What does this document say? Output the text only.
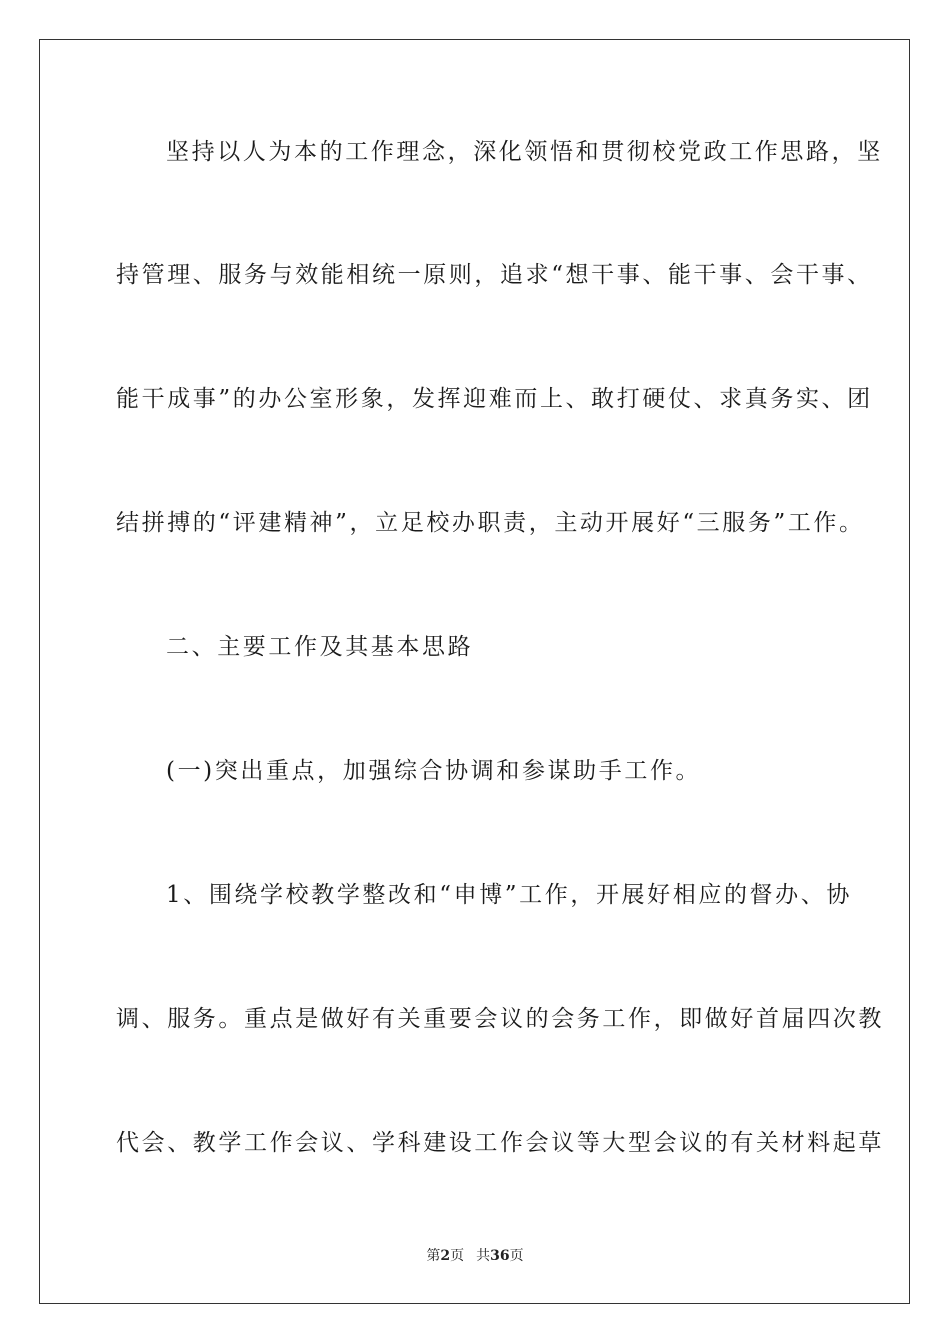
坚持以人为本的工作理念，深化领悟和贯彻校党政工作思路，坚
持管理、服务与效能相统一原则，追求“想干事、能干事、会干事、
能干成事”的办公室形象，发挥迎难而上、敢打硬仗、求真务实、团
结拼搏的“评建精神”，立足校办职责，主动开展好“三服务”工作。
二、主要工作及其基本思路
(一)突出重点，加强综合协调和参谋助手工作。
1、围绕学校教学整改和“申博”工作，开展好相应的督办、协
调、服务。重点是做好有关重要会议的会务工作，即做好首届四次教
代会、教学工作会议、学科建设工作会议等大型会议的有关材料起草
第2页 共36页
